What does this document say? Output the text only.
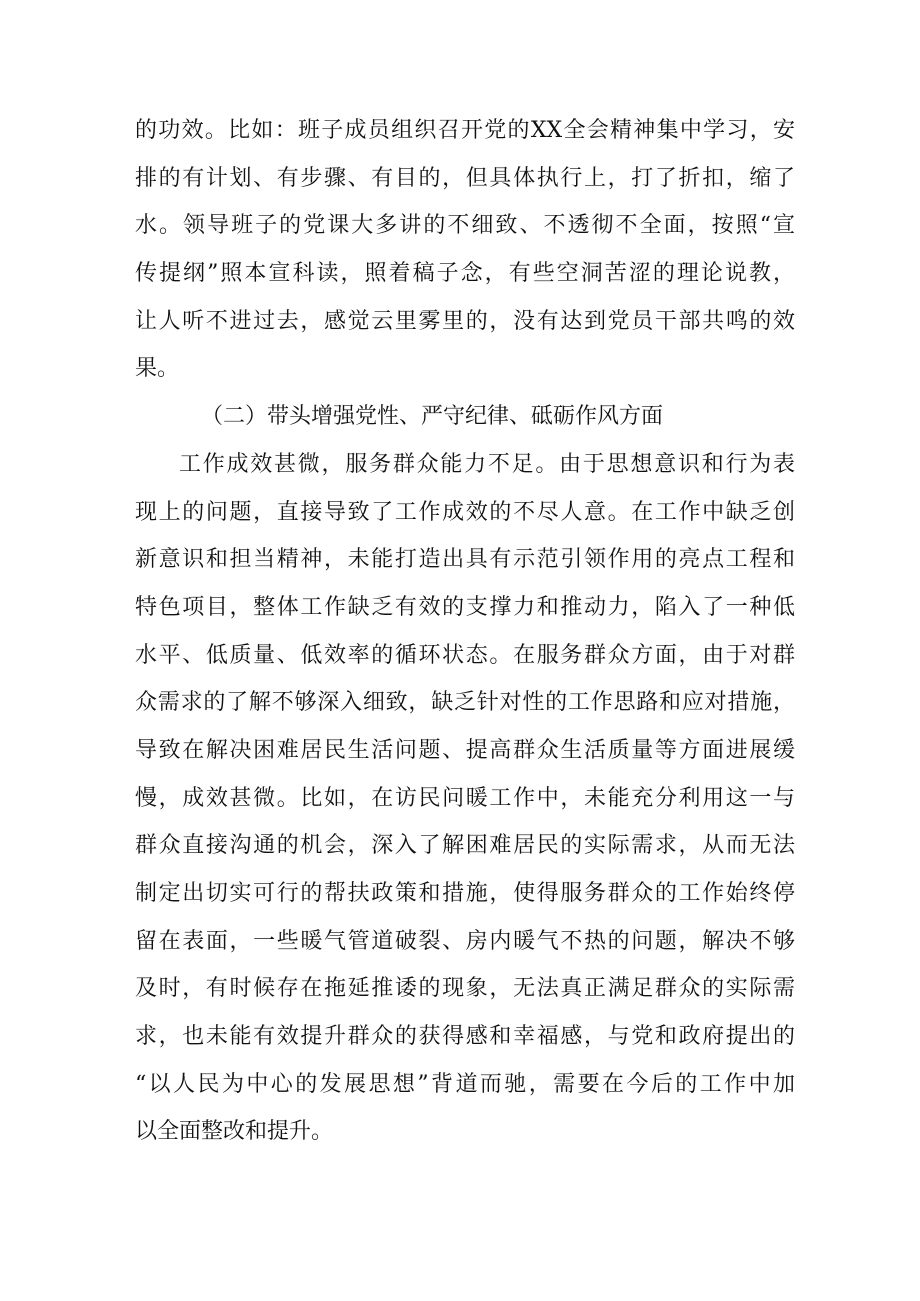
的功效。比如：班子成员组织召开党的XX全会精神集中学习，安
排的有计划、有步骤、有目的，但具体执行上，打了折扣，缩了
水。领导班子的党课大多讲的不细致、不透彻不全面，按照“宣
传提纲”照本宣科读，照着稿子念，有些空洞苦涩的理论说教，
让人听不进过去，感觉云里雾里的，没有达到党员干部共鸣的效
果。
（二）带头增强党性、严守纪律、砥砺作风方面
工作成效甚微，服务群众能力不足。由于思想意识和行为表
现上的问题，直接导致了工作成效的不尽人意。在工作中缺乏创
新意识和担当精神，未能打造出具有示范引领作用的亮点工程和
特色项目，整体工作缺乏有效的支撑力和推动力，陷入了一种低
水平、低质量、低效率的循环状态。在服务群众方面，由于对群
众需求的了解不够深入细致，缺乏针对性的工作思路和应对措施，
导致在解决困难居民生活问题、提高群众生活质量等方面进展缓
慢，成效甚微。比如，在访民问暖工作中，未能充分利用这一与
群众直接沟通的机会，深入了解困难居民的实际需求，从而无法
制定出切实可行的帮扶政策和措施，使得服务群众的工作始终停
留在表面，一些暖气管道破裂、房内暖气不热的问题，解决不够
及时，有时候存在拖延推诿的现象，无法真正满足群众的实际需
求，也未能有效提升群众的获得感和幸福感，与党和政府提出的
“以人民为中心的发展思想”背道而驰，需要在今后的工作中加
以全面整改和提升。
